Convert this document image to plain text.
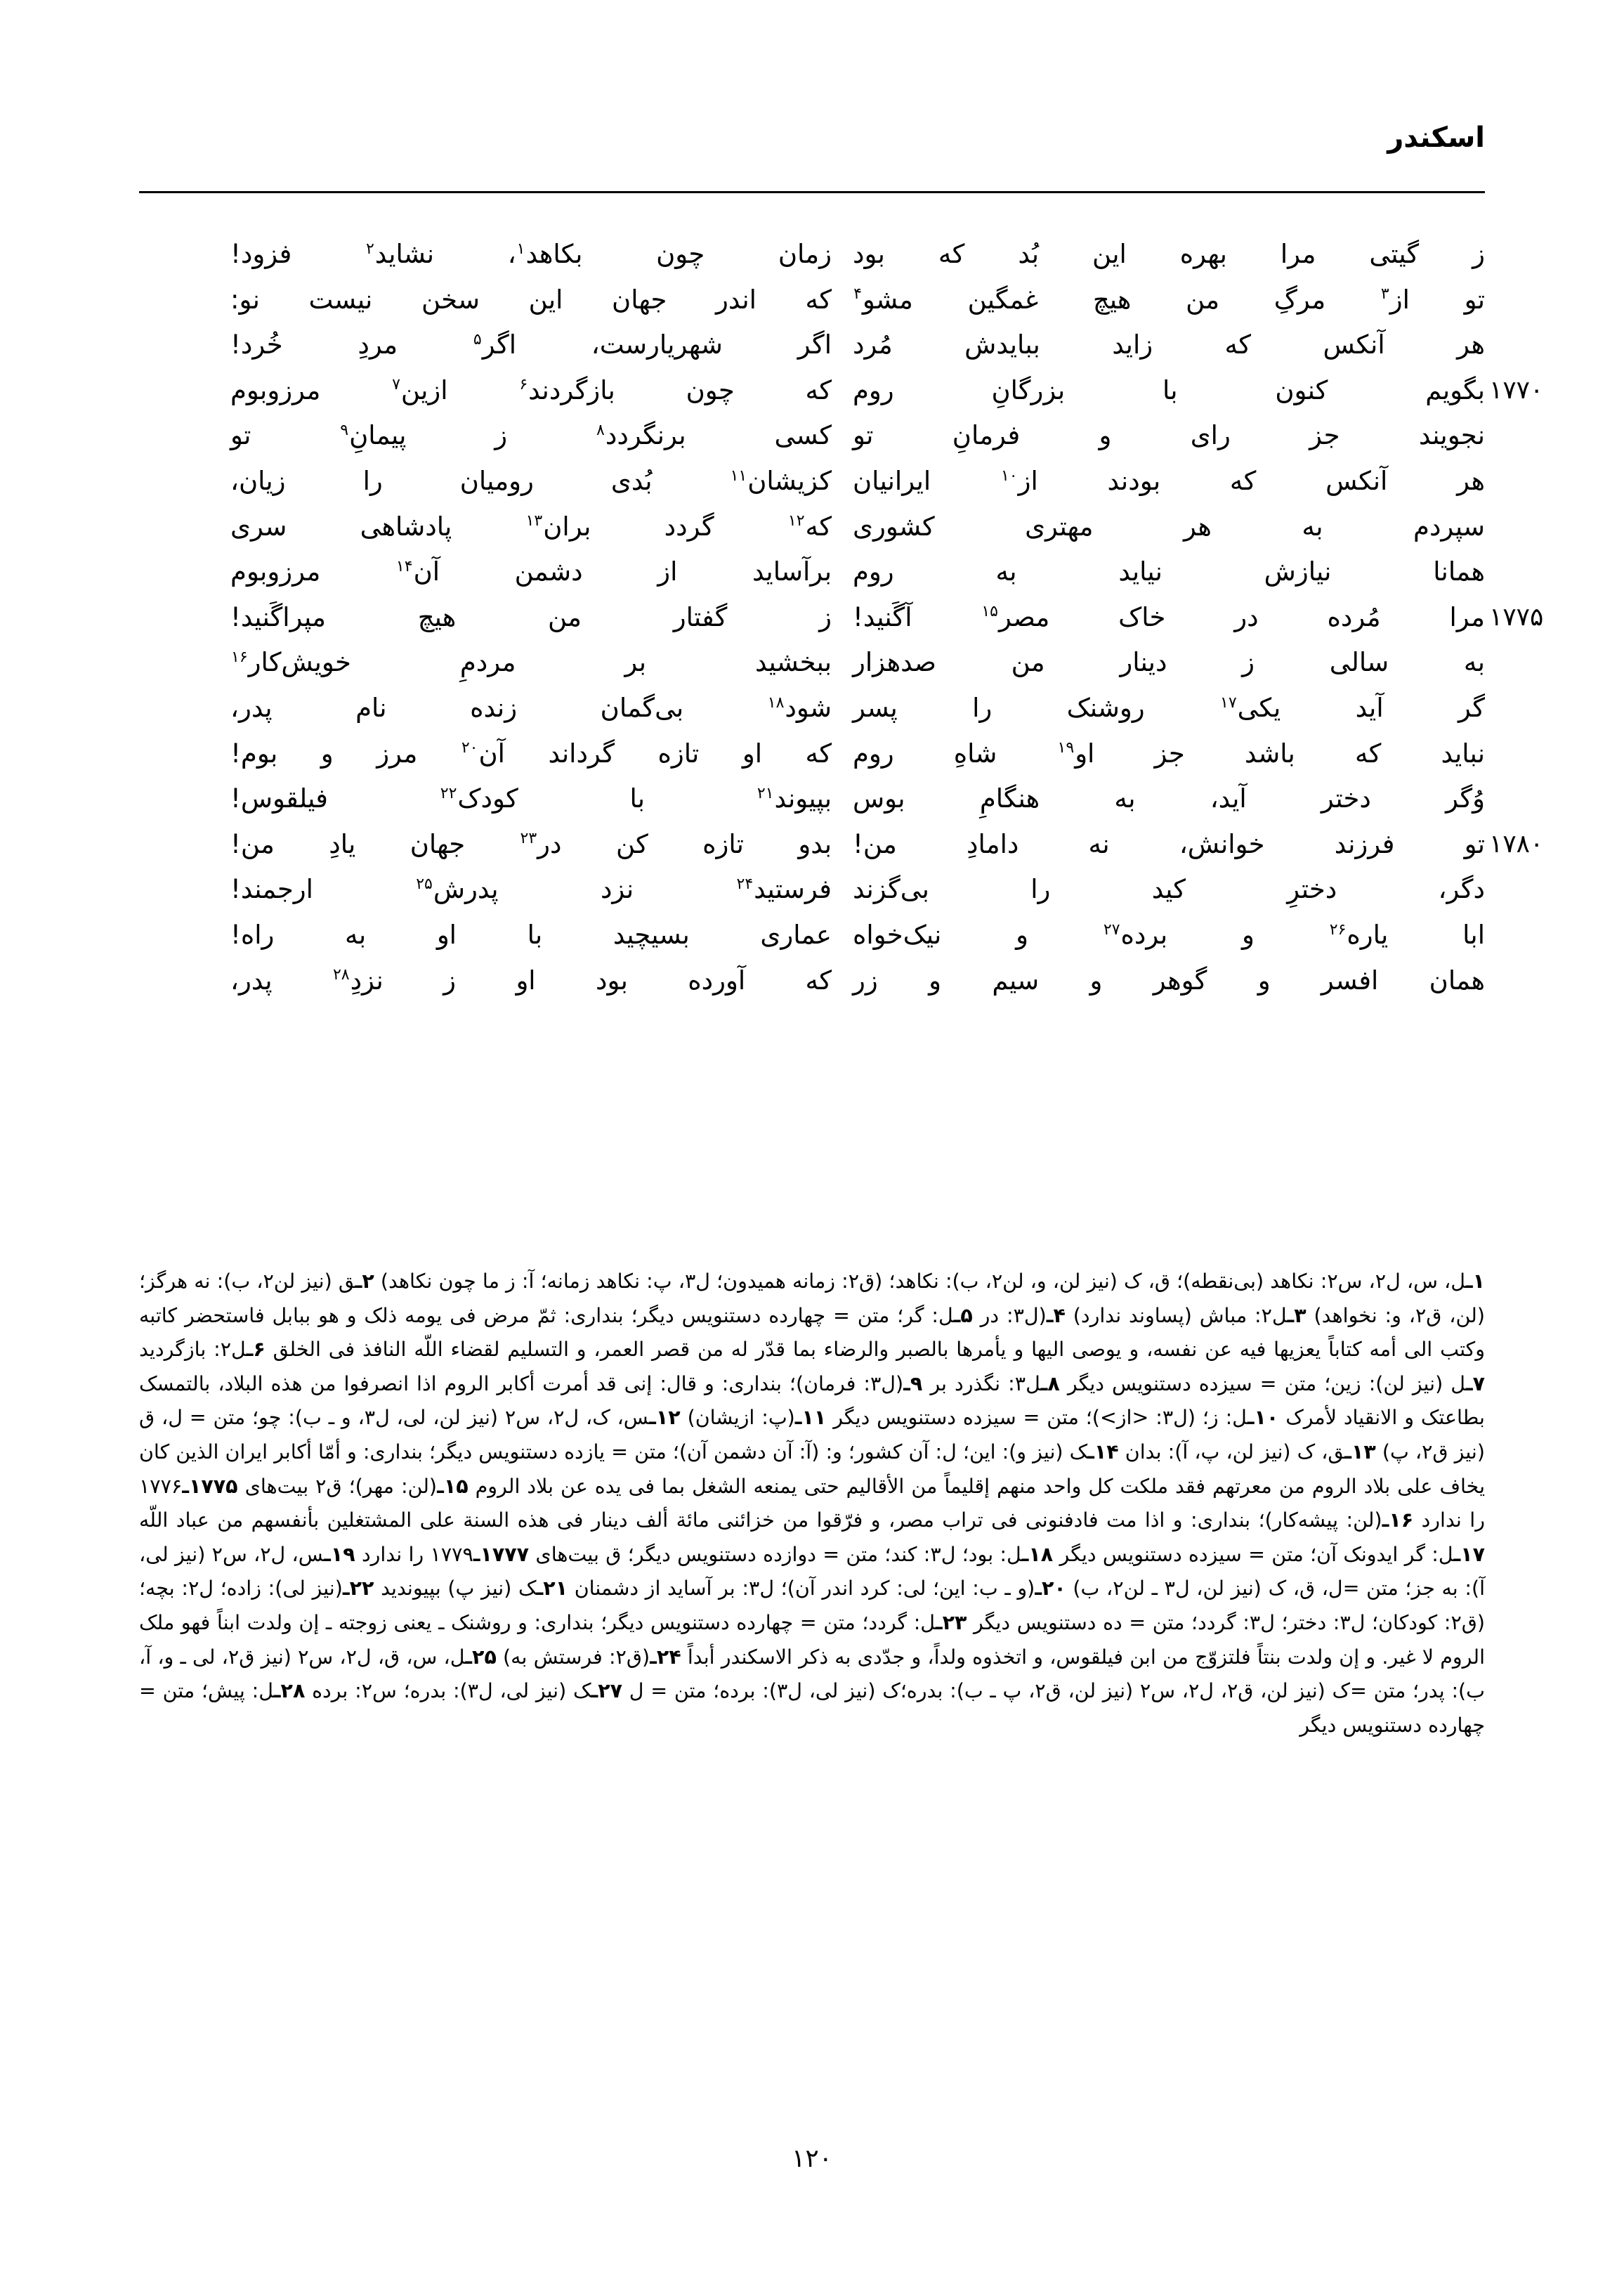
اسکندر
ز
گیتی
مرا
بهره
این
بُد
که
بود
زمان
چون
بکاهد$^۱$،
نشاید$^۲$
فزود!
تو
از$^۳$
مرگِ
من
هیچ
غمگین
مشو$^۴$
که
اندر
جهان
این
سخن
نیست
نو:
هر
آنکس
که
زاید
بباید‌ش
مُرد
اگر
شهریارست،
اگر$^۵$
مردِ
خُرد!
۱۷۷۰
بگویم
کنون
با
بزرگانِ
روم
که
چون
بازگردند$^۶$
ازین$^۷$
مرزوبوم
نجویند
جز
رای
و
فرمانِ
تو
کسی
برنگردد$^۸$
ز
پیمانِ$^۹$
تو
هر
آنکس
که
بودند
از$^{۱۰}$
ایرانیان
کزیشان$^{۱۱}$
بُدی
رومیان
را
زیان،
سپردم
به
هر
مهتری
کشوری
که$^{۱۲}$
گردد
بران$^{۱۳}$
پادشاهی
سری
همانا
نیازش
نیاید
به
روم
برآساید
از
دشمن
آن$^{۱۴}$
مرزوبوم
۱۷۷۵
مرا
مُرده
در
خاک
مصر$^{۱۵}$
آگَنید!
ز
گفتار
من
هیچ
مپراگَنید!
به
سالی
ز
دینار
من
صدهزار
ببخشید
بر
مردمِ
خویش‌کار$^{۱۶}$
گر
آید
یکی$^{۱۷}$
روشنک
را
پسر
شود$^{۱۸}$
بی‌گمان
زنده
نام
پدر،
نباید
که
باشد
جز
او$^{۱۹}$
شاهِ
روم
که
او
تازه
گرداند
آن$^{۲۰}$
مرز
و
بوم!
وُگر
دختر
آید،
به
هنگامِ
بوس
بپیوند$^{۲۱}$
با
کودک$^{۲۲}$
فیلقوس!
۱۷۸۰
تو
فرزند
خوانش،
نه
دامادِ
من!
بدو
تازه
کن
در$^{۲۳}$
جهان
یادِ
من!
دگر،
دخترِ
کید
را
بی‌گزند
فرستید$^{۲۴}$
نزد
پدرش$^{۲۵}$
ارجمند!
ابا
یاره$^{۲۶}$
و
برده$^{۲۷}$
و
نیک‌خواه
عماری
بسیچید
با
او
به
راه!
همان
افسر
و
گوهر
و
سیم
و
زر
که
آورده
بود
او
ز
نزدِ$^{۲۸}$
پدر،

۱ـل، س، ل۲، س۲: نکاهد (بی‌نقطه)؛ ق، ک (نیز لن، و، لن۲، ب): نکاهد؛ (ق۲: زمانه همیدون؛ ل۳، پ: نکاهد زمانه؛ آ: ز ما چون نکاهد) ۲ـق (نیز لن۲، ب): نه هرگز؛ (لن، ق۲، و: نخواهد) ۳ـل۲: مباش (پساوند ندارد) ۴ـ(ل۳: در ۵ـل: گر؛ متن = چهارده دستنویس دیگر؛ بنداری: ثمّ مرض فی یومه ذلک و هو ببابل فاستحضر کاتبه وکتب الی أمه کتاباً یعزیها فیه عن نفسه، و یوصی الیها و یأمرها بالصبر والرضاء بما قدّر له من قصر العمر، و التسلیم لقضاء اللّه النافذ فی الخلق ۶ـل۲: بازگردید ۷ـل (نیز لن): زین؛ متن = سیزده دستنویس دیگر ۸ـل۳: نگذرد بر ۹ـ(ل۳: فرمان)؛ بنداری: و قال: إنی قد أمرت أکابر الروم اذا انصرفوا من هذه البلاد، بالتمسک بطاعتک و الانقیاد لأمرک ۱۰ـل: ز؛ (ل۳: <از>)؛ متن = سیزده دستنویس دیگر ۱۱ـ(پ: ازیشان) ۱۲ـس، ک، ل۲، س۲ (نیز لن، لی، ل۳، و ـ ب): چو؛ متن = ل، ق (نیز ق۲، پ) ۱۳ـق، ک (نیز لن، پ، آ): بدان ۱۴ـک (نیز و): این؛ ل: آن کشور؛ و: (آ: آن دشمن آن)؛ متن = یازده دستنویس دیگر؛ بنداری: و أمّا أکابر ایران الذین کان یخاف علی بلاد الروم من معرتهم فقد ملکت کل واحد منهم إقلیماً من الأقالیم حتی یمنعه الشغل بما فی یده عن بلاد الروم ۱۵ـ(لن: مهر)؛ ق۲ بیت‌های ۱۷۷۵ـ۱۷۷۶ را ندارد ۱۶ـ(لن: پیشه‌کار)؛ بنداری: و اذا مت فادفنونی فی تراب مصر، و فرّقوا من خزائنی مائة ألف دینار فی هذه السنة علی المشتغلین بأنفسهم من عباد اللّه ۱۷ـل: گر ایدونک آن؛ متن = سیزده دستنویس دیگر ۱۸ـل: بود؛ ل۳: کند؛ متن = دوازده دستنویس دیگر؛ ق بیت‌های ۱۷۷۷ـ۱۷۷۹ را ندارد ۱۹ـس، ل۲، س۲ (نیز لی، آ): به جز؛ متن =ل، ق، ک (نیز لن، ل۳ ـ لن۲، ب) ۲۰ـ(و ـ ب: این؛ لی: کرد اندر آن)؛ ل۳: بر آساید از دشمنان ۲۱ـک (نیز پ) بپیوندید ۲۲ـ(نیز لی): زاده؛ ل۲: بچه؛ (ق۲: کودکان؛ ل۳: دختر؛ ل۳: گردد؛ متن = ده دستنویس دیگر ۲۳ـل: گردد؛ متن = چهارده دستنویس دیگر؛ بنداری: و روشنک ـ یعنی زوجته ـ إن ولدت ابناً فهو ملک الروم لا غیر. و إن ولدت بنتاً فلتزوّج من ابن فیلقوس، و اتخذوه ولداً، و جدّدی به ذکر الاسکندر أبداً ۲۴ـ(ق۲: فرستش به) ۲۵ـل، س، ق، ل۲، س۲ (نیز ق۲، لی ـ و، آ، ب): پدر؛ متن =ک (نیز لن، ق۲، ل۲، س۲ (نیز لن، ق۲، پ ـ ب): بدره؛ک (نیز لی، ل۳): برده؛ متن = ل ۲۷ـک (نیز لی، ل۳): بدره؛ س۲: برده ۲۸ـل: پیش؛ متن = چهارده دستنویس دیگر

۱۲۰
